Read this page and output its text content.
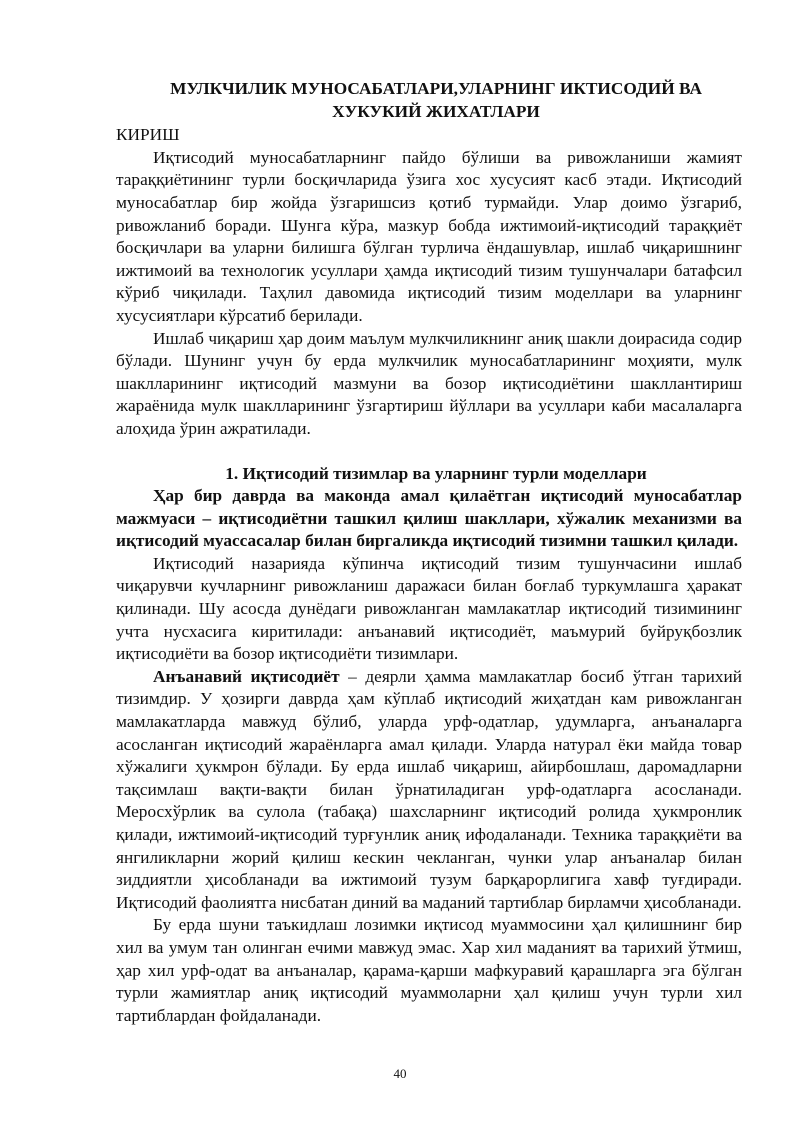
МУЛКЧИЛИК МУНОСАБАТЛАРИ,УЛАРНИНГ ИКТИСОДИЙ ВА
ХУКУКИЙ ЖИХАТЛАРИ
КИРИШ

Иқтисодий муносабатларнинг пайдо бўлиши ва ривожланиши жамият тараққиётининг турли босқичларида ўзига хос хусусият касб этади. Иқтисодий муносабатлар бир жойда ўзгаришсиз қотиб турмайди. Улар доимо ўзгариб, ривожланиб боради. Шунга кўра, мазкур бобда ижтимоий-иқтисодий тараққиёт босқичлари ва уларни билишга бўлган турлича ёндашувлар, ишлаб чиқаришнинг ижтимоий ва технологик усуллари ҳамда иқтисодий тизим тушунчалари батафсил кўриб чиқилади. Таҳлил давомида иқтисодий тизим моделлари ва уларнинг хусусиятлари кўрсатиб берилади.

Ишлаб чиқариш ҳар доим маълум мулкчиликнинг аниқ шакли доирасида содир бўлади. Шунинг учун бу ерда мулкчилик муносабатларининг моҳияти, мулк шаклларининг иқтисодий мазмуни ва бозор иқтисодиётини шакллантириш жараёнида мулк шаклларининг ўзгартириш йўллари ва усуллари каби масалаларга алоҳида ўрин ажратилади.

1. Иқтисодий тизимлар ва уларнинг турли моделлари

Ҳар бир даврда ва маконда амал қилаётган иқтисодий муносабатлар мажмуаси – иқтисодиётни ташкил қилиш шакллари, хўжалик механизми ва иқтисодий муассасалар билан биргаликда иқтисодий тизимни ташкил қилади.

Иқтисодий назарияда кўпинча иқтисодий тизим тушунчасини ишлаб чиқарувчи кучларнинг ривожланиш даражаси билан боғлаб туркумлашга ҳаракат қилинади. Шу асосда дунёдаги ривожланган мамлакатлар иқтисодий тизимининг учта нусхасига киритилади: анъанавий иқтисодиёт, маъмурий буйруқбозлик иқтисодиёти ва бозор иқтисодиёти тизимлари.

Анъанавий иқтисодиёт – деярли ҳамма мамлакатлар босиб ўтган тарихий тизимдир. У ҳозирги даврда ҳам кўплаб иқтисодий жиҳатдан кам ривожланган мамлакатларда мавжуд бўлиб, уларда урф-одатлар, удумларга, анъаналарга асосланган иқтисодий жараёнларга амал қилади. Уларда натурал ёки майда товар хўжалиги ҳукмрон бўлади. Бу ерда ишлаб чиқариш, айирбошлаш, даромадларни тақсимлаш вақти-вақти билан ўрнатиладиган урф-одатларга асосланади. Меросхўрлик ва сулола (табақа) шахсларнинг иқтисодий ролида ҳукмронлик қилади, ижтимоий-иқтисодий турғунлик аниқ ифодаланади. Техника тараққиёти ва янгиликларни жорий қилиш кескин чекланган, чунки улар анъаналар билан зиддиятли ҳисобланади ва ижтимоий тузум барқарорлигига хавф туғдиради. Иқтисодий фаолиятга нисбатан диний ва маданий тартиблар бирламчи ҳисобланади.

Бу ерда шуни таъкидлаш лозимки иқтисод муаммосини ҳал қилишнинг бир хил ва умум тан олинган ечими мавжуд эмас. Хар хил маданият ва тарихий ўтмиш, ҳар хил урф-одат ва анъаналар, қарама-қарши мафкуравий қарашларга эга бўлган турли жамиятлар аниқ иқтисодий муаммоларни ҳал қилиш учун турли хил тартиблардан фойдаланади.

40
